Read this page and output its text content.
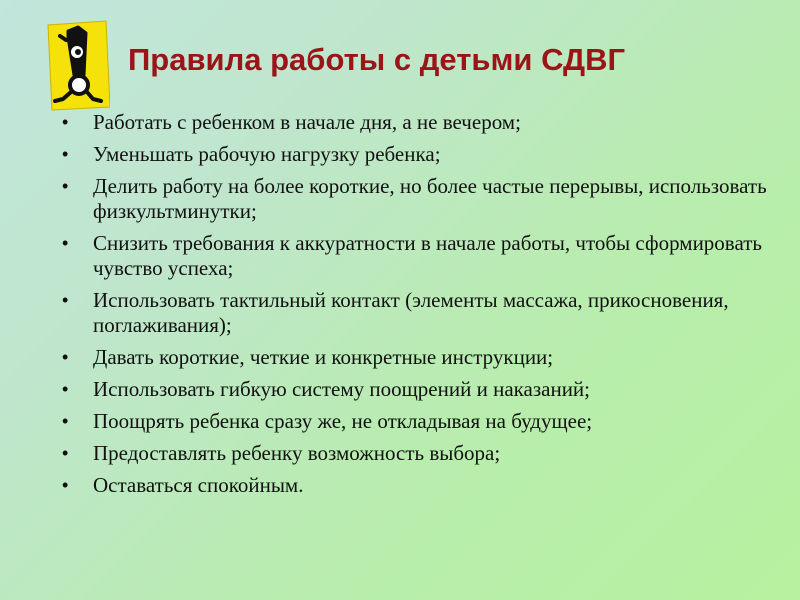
Правила работы с детьми СДВГ
•	Работать с ребенком в начале дня, а не вечером;
•	Уменьшать рабочую нагрузку ребенка;
•	Делить работу на более короткие, но более частые перерывы, использовать физкультминутки;
•	Снизить требования к аккуратности в начале работы, чтобы сформировать чувство успеха;
•	Использовать тактильный контакт (элементы массажа, прикосновения, поглаживания);
•	Давать короткие, четкие и конкретные инструкции;
•	Использовать гибкую систему поощрений и наказаний;
•	Поощрять ребенка сразу же, не откладывая на будущее;
•	Предоставлять ребенку возможность выбора;
•	Оставаться спокойным.
